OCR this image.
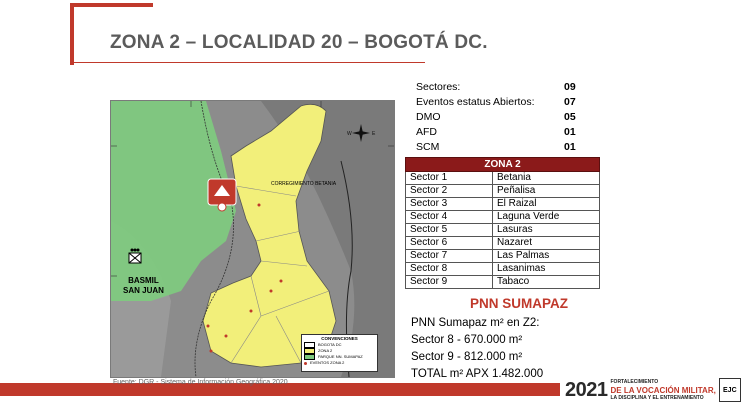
ZONA 2 – LOCALIDAD 20 – BOGOTÁ DC.
W	E
CORREGIMIENTO BETANIA
BASMIL
SAN JUAN
CONVENCIONES
BOGOTA DC
ZONA 2
PARQUE NN. SUMAPAZ
EVENTOS ZONA 2
Sectores:	09
Eventos estatus Abiertos:	07
DMO	05
AFD	01
SCM	01
ZONA 2	
Sector 1	Betania
Sector 2	Peñalisa
Sector 3	El Raizal
Sector 4	Laguna Verde
Sector 5	Lasuras
Sector 6	Nazaret
Sector 7	Las Palmas
Sector 8	Lasanimas
Sector 9	Tabaco
PNN SUMAPAZ
PNN Sumapaz m² en Z2:
Sector 8 - 670.000 m²
Sector 9 - 812.000 m²
TOTAL m² APX 1.482.000
Fuente: DGR - Sistema de Información Geográfica 2020	2021 FORTALECIMIENTO
DE LA VOCACIÓN MILITAR,
LA DISCIPLINA Y EL ENTRENAMIENTO
EJC
